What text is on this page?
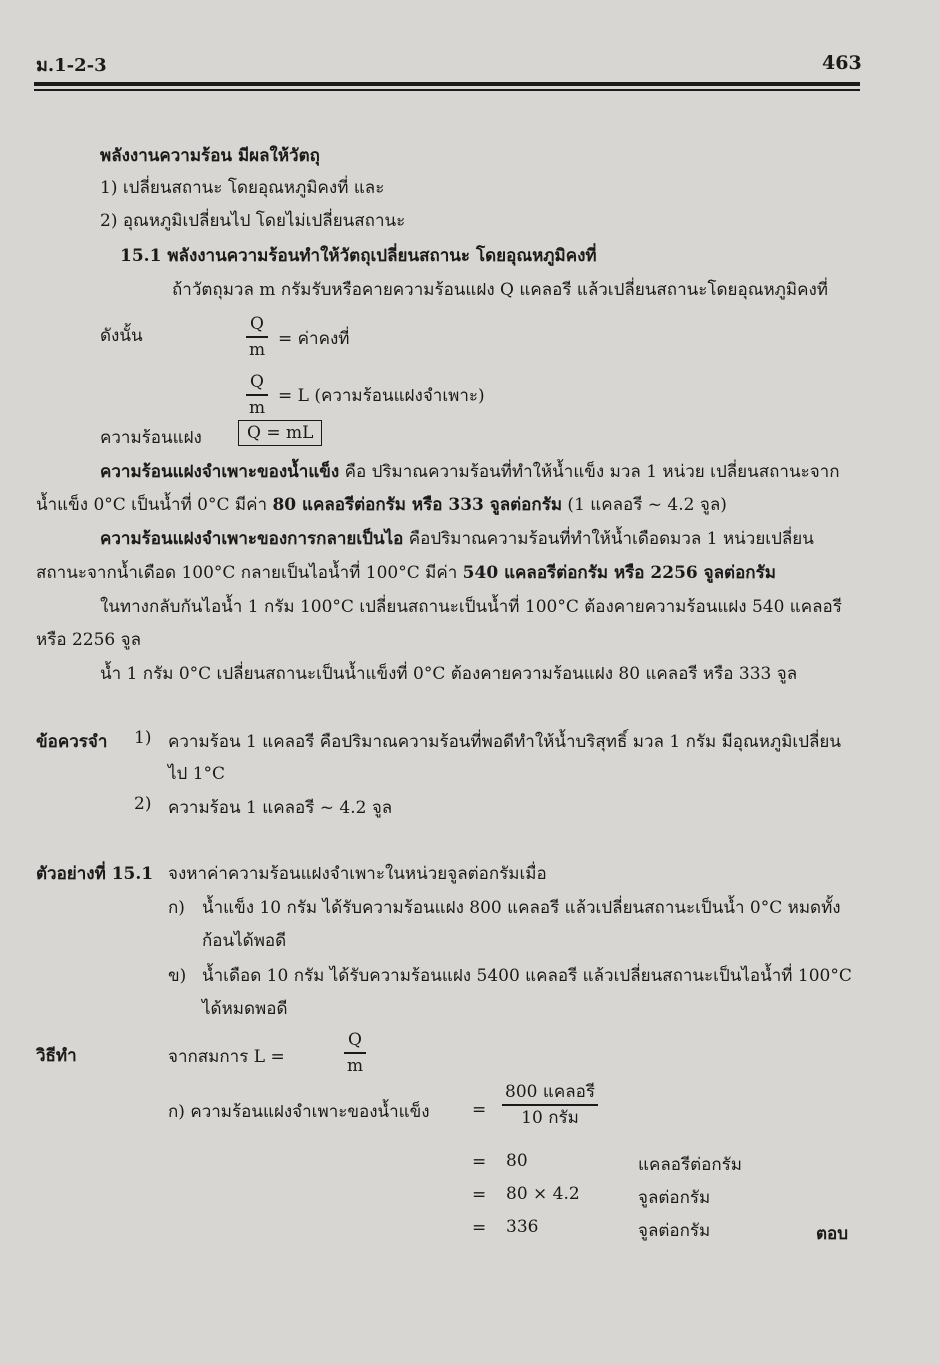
ม.1-2-3	463
พลังงานความร้อน มีผลให้วัตถุ
1) เปลี่ยนสถานะ โดยอุณหภูมิคงที่ และ
2) อุณหภูมิเปลี่ยนไป โดยไม่เปลี่ยนสถานะ
15.1 พลังงานความร้อนทำให้วัตถุเปลี่ยนสถานะ โดยอุณหภูมิคงที่
ถ้าวัตถุมวล m กรัมรับหรือคายความร้อนแฝง Q แคลอรี แล้วเปลี่ยนสถานะโดยอุณหภูมิคงที่
ดังนั้น
Q
m
= ค่าคงที่
Q
m
= L (ความร้อนแฝงจำเพาะ)
ความร้อนแฝง	Q = mL
ความร้อนแฝงจำเพาะของน้ำแข็ง คือ ปริมาณความร้อนที่ทำให้น้ำแข็ง มวล 1 หน่วย เปลี่ยนสถานะจาก
น้ำแข็ง 0°C เป็นน้ำที่ 0°C มีค่า 80 แคลอรีต่อกรัม หรือ 333 จูลต่อกรัม (1 แคลอรี ~ 4.2 จูล)
ความร้อนแฝงจำเพาะของการกลายเป็นไอ คือปริมาณความร้อนที่ทำให้น้ำเดือดมวล 1 หน่วยเปลี่ยน
สถานะจากน้ำเดือด 100°C กลายเป็นไอน้ำที่ 100°C มีค่า 540 แคลอรีต่อกรัม หรือ 2256 จูลต่อกรัม
ในทางกลับกันไอน้ำ 1 กรัม 100°C เปลี่ยนสถานะเป็นน้ำที่ 100°C ต้องคายความร้อนแฝง 540 แคลอรี
หรือ 2256 จูล
น้ำ 1 กรัม 0°C เปลี่ยนสถานะเป็นน้ำแข็งที่ 0°C ต้องคายความร้อนแฝง 80 แคลอรี หรือ 333 จูล
ข้อควรจำ 1) ความร้อน 1 แคลอรี คือปริมาณความร้อนที่พอดีทำให้น้ำบริสุทธิ์ มวล 1 กรัม มีอุณหภูมิเปลี่ยน
ไป 1°C
2) ความร้อน 1 แคลอรี ~ 4.2 จูล
ตัวอย่างที่ 15.1 จงหาค่าความร้อนแฝงจำเพาะในหน่วยจูลต่อกรัมเมื่อ
ก) น้ำแข็ง 10 กรัม ได้รับความร้อนแฝง 800 แคลอรี แล้วเปลี่ยนสถานะเป็นน้ำ 0°C หมดทั้ง
ก้อนได้พอดี
ข) น้ำเดือด 10 กรัม ได้รับความร้อนแฝง 5400 แคลอรี แล้วเปลี่ยนสถานะเป็นไอน้ำที่ 100°C
ได้หมดพอดี
วิธีทำ	จากสมการ L =
Q
m
ก) ความร้อนแฝงจำเพาะของน้ำแข็ง =
800 แคลอรี
10 กรัม
= 80	แคลอรีต่อกรัม
= 80 × 4.2	จูลต่อกรัม
= 336	จูลต่อกรัม	ตอบ
